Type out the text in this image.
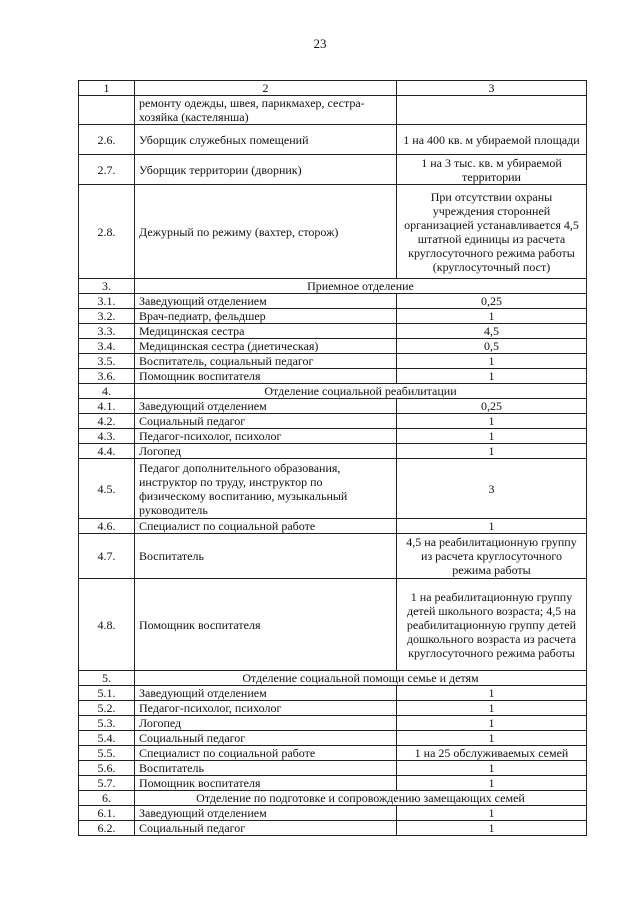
23
1	2	3
	ремонту одежды, швея, парикмахер, сестра-хозяйка (кастелянша)	
2.6.	Уборщик служебных помещений	1 на 400 кв. м убираемой площади
2.7.	Уборщик территории (дворник)	1 на 3 тыс. кв. м убираемой территории
2.8.	Дежурный по режиму (вахтер, сторож)	При отсутствии охраны учреждения сторонней организацией устанавливается 4,5 штатной единицы из расчета круглосуточного режима работы (круглосуточный пост)
3.	Приемное отделение	
3.1.	Заведующий отделением	0,25
3.2.	Врач-педиатр, фельдшер	1
3.3.	Медицинская сестра	4,5
3.4.	Медицинская сестра (диетическая)	0,5
3.5.	Воспитатель, социальный педагог	1
3.6.	Помощник воспитателя	1
4.	Отделение социальной реабилитации	
4.1.	Заведующий отделением	0,25
4.2.	Социальный педагог	1
4.3.	Педагог-психолог, психолог	1
4.4.	Логопед	1
4.5.	Педагог дополнительного образования, инструктор по труду, инструктор по физическому воспитанию, музыкальный руководитель	3
4.6.	Специалист по социальной работе	1
4.7.	Воспитатель	4,5 на реабилитационную группу из расчета круглосуточного режима работы
4.8.	Помощник воспитателя	1 на реабилитационную группу детей школьного возраста; 4,5 на реабилитационную группу детей дошкольного возраста из расчета круглосуточного режима работы
5.	Отделение социальной помощи семье и детям	
5.1.	Заведующий отделением	1
5.2.	Педагог-психолог, психолог	1
5.3.	Логопед	1
5.4.	Социальный педагог	1
5.5.	Специалист по социальной работе	1 на 25 обслуживаемых семей
5.6.	Воспитатель	1
5.7.	Помощник воспитателя	1
6.	Отделение по подготовке и сопровождению замещающих семей	
6.1.	Заведующий отделением	1
6.2.	Социальный педагог	1
